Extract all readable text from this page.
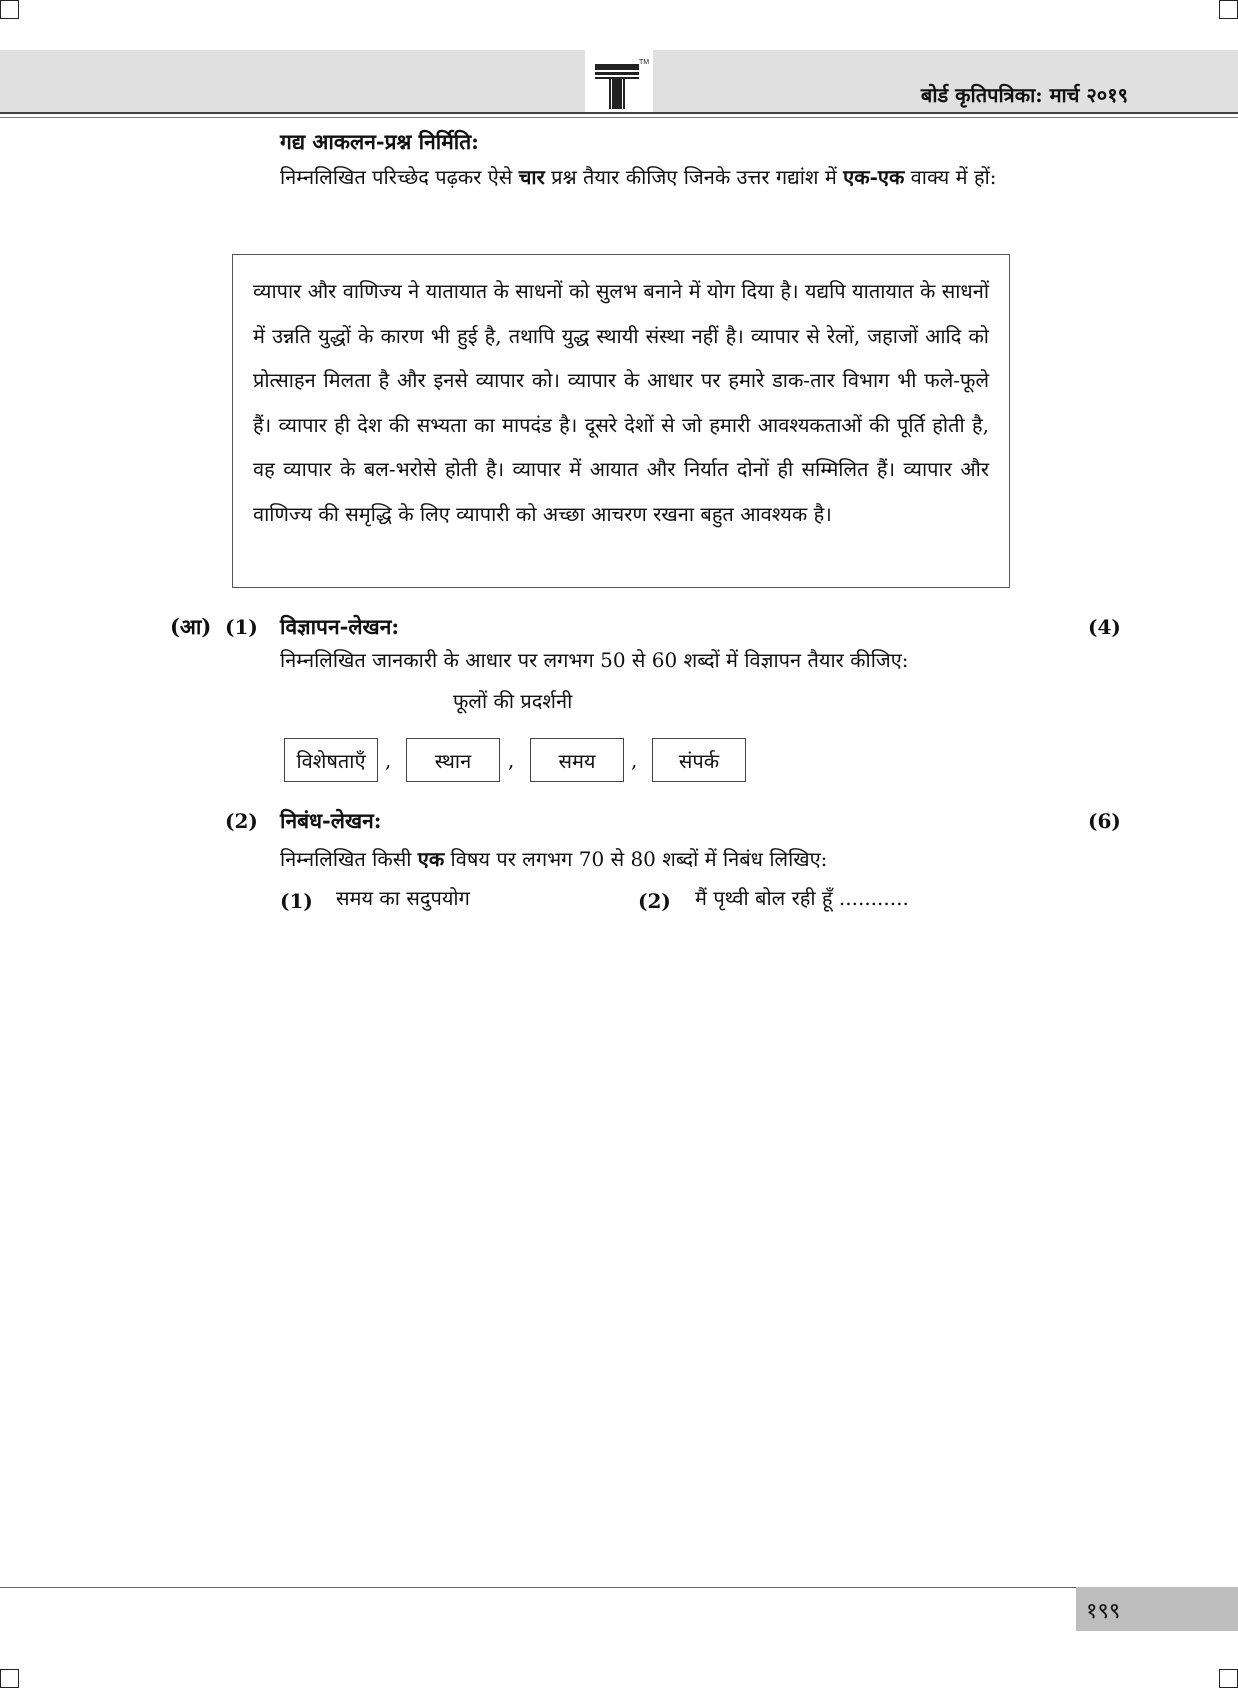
TM
बोर्ड कृतिपत्रिका: मार्च २०१९
गद्य आकलन-प्रश्न निर्मिति:
निम्नलिखित परिच्छेद पढ़कर ऐसे चार प्रश्न तैयार कीजिए जिनके उत्तर गद्यांश में एक-एक वाक्य में हों:
व्यापार और वाणिज्य ने यातायात के साधनों को सुलभ बनाने में योग दिया है। यद्यपि यातायात के साधनों में उन्नति युद्धों के कारण भी हुई है, तथापि युद्ध स्थायी संस्था नहीं है। व्यापार से रेलों, जहाजों आदि को प्रोत्साहन मिलता है और इनसे व्यापार को। व्यापार के आधार पर हमारे डाक-तार विभाग भी फले-फूले हैं। व्यापार ही देश की सभ्यता का मापदंड है। दूसरे देशों से जो हमारी आवश्यकताओं की पूर्ति होती है, वह व्यापार के बल-भरोसे होती है। व्यापार में आयात और निर्यात दोनों ही सम्मिलित हैं। व्यापार और वाणिज्य की समृद्धि के लिए व्यापारी को अच्छा आचरण रखना बहुत आवश्यक है।
(आ) (1) विज्ञापन-लेखन:	(4)
निम्नलिखित जानकारी के आधार पर लगभग 50 से 60 शब्दों में विज्ञापन तैयार कीजिए:
फूलों की प्रदर्शनी
विशेषताएँ ,	स्थान	,	समय	,	संपर्क
(2) निबंध-लेखन:	(6)
निम्नलिखित किसी एक विषय पर लगभग 70 से 80 शब्दों में निबंध लिखिए:
(1) समय का सदुपयोग	(2) मैं पृथ्वी बोल रही हूँ ...........
१९९
